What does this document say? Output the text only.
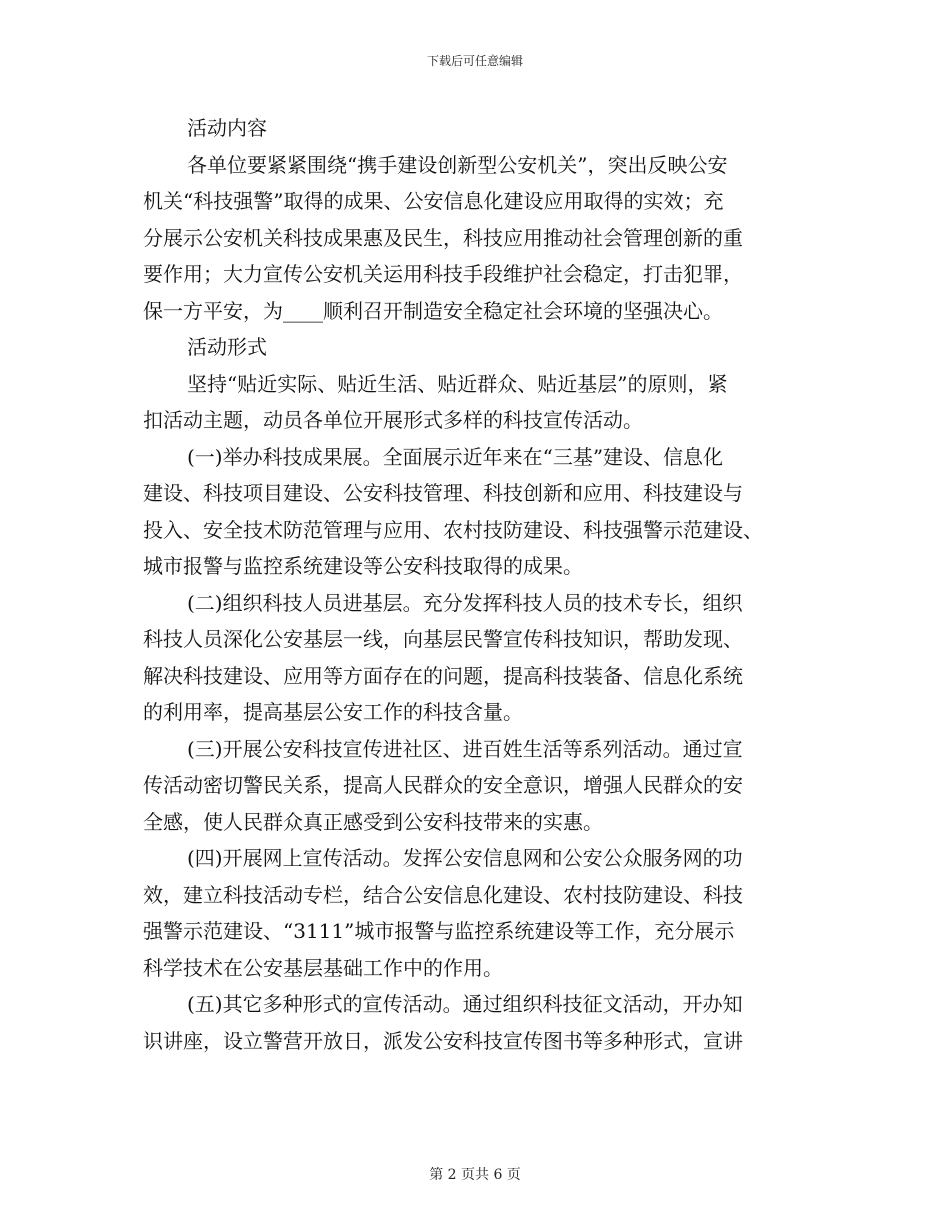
下载后可任意编辑
活动内容
各单位要紧紧围绕“携手建设创新型公安机关”，突出反映公安
机关“科技强警”取得的成果、公安信息化建设应用取得的实效；充
分展示公安机关科技成果惠及民生，科技应用推动社会管理创新的重
要作用；大力宣传公安机关运用科技手段维护社会稳定，打击犯罪，
保一方平安，为____顺利召开制造安全稳定社会环境的坚强决心。
活动形式
坚持“贴近实际、贴近生活、贴近群众、贴近基层”的原则，紧
扣活动主题，动员各单位开展形式多样的科技宣传活动。
(一)举办科技成果展。全面展示近年来在“三基”建设、信息化
建设、科技项目建设、公安科技管理、科技创新和应用、科技建设与
投入、安全技术防范管理与应用、农村技防建设、科技强警示范建设、
城市报警与监控系统建设等公安科技取得的成果。
(二)组织科技人员进基层。充分发挥科技人员的技术专长，组织
科技人员深化公安基层一线，向基层民警宣传科技知识，帮助发现、
解决科技建设、应用等方面存在的问题，提高科技装备、信息化系统
的利用率，提高基层公安工作的科技含量。
(三)开展公安科技宣传进社区、进百姓生活等系列活动。通过宣
传活动密切警民关系，提高人民群众的安全意识，增强人民群众的安
全感，使人民群众真正感受到公安科技带来的实惠。
(四)开展网上宣传活动。发挥公安信息网和公安公众服务网的功
效，建立科技活动专栏，结合公安信息化建设、农村技防建设、科技
强警示范建设、“3111”城市报警与监控系统建设等工作，充分展示
科学技术在公安基层基础工作中的作用。
(五)其它多种形式的宣传活动。通过组织科技征文活动，开办知
识讲座，设立警营开放日，派发公安科技宣传图书等多种形式，宣讲
第 2 页共 6 页
